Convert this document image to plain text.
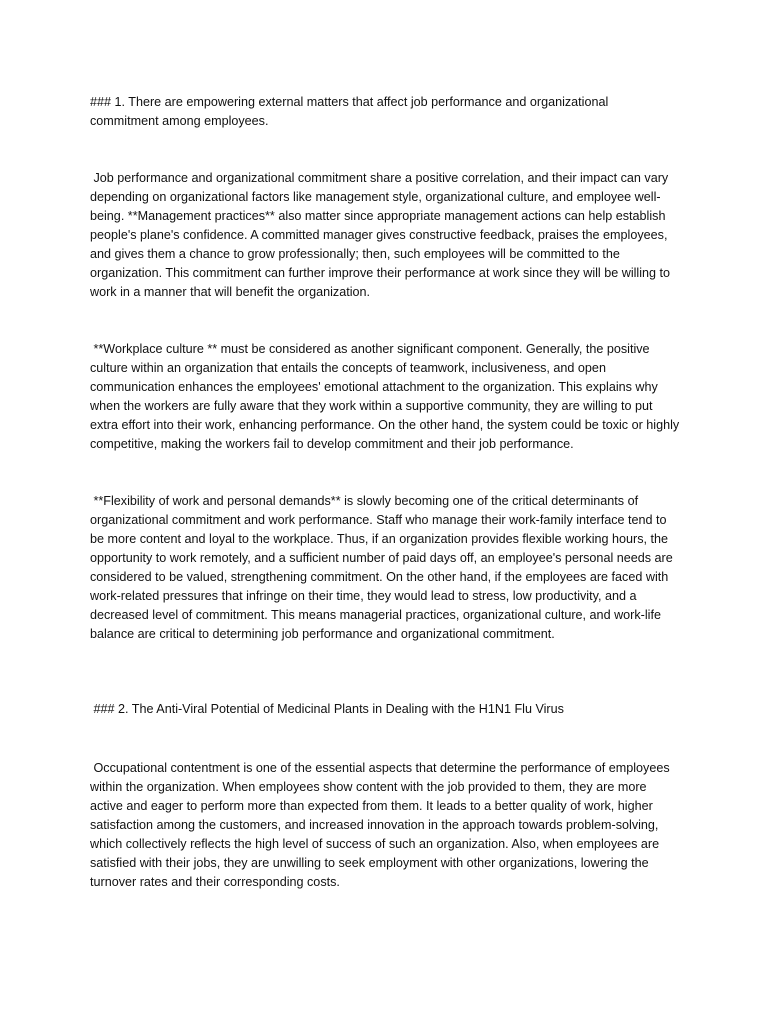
### 1. There are empowering external matters that affect job performance and organizational commitment among employees.

Job performance and organizational commitment share a positive correlation, and their impact can vary depending on organizational factors like management style, organizational culture, and employee well-being. **Management practices** also matter since appropriate management actions can help establish people's plane's confidence. A committed manager gives constructive feedback, praises the employees, and gives them a chance to grow professionally; then, such employees will be committed to the organization. This commitment can further improve their performance at work since they will be willing to work in a manner that will benefit the organization.

**Workplace culture ** must be considered as another significant component. Generally, the positive culture within an organization that entails the concepts of teamwork, inclusiveness, and open communication enhances the employees' emotional attachment to the organization. This explains why when the workers are fully aware that they work within a supportive community, they are willing to put extra effort into their work, enhancing performance. On the other hand, the system could be toxic or highly competitive, making the workers fail to develop commitment and their job performance.

**Flexibility of work and personal demands** is slowly becoming one of the critical determinants of organizational commitment and work performance. Staff who manage their work-family interface tend to be more content and loyal to the workplace. Thus, if an organization provides flexible working hours, the opportunity to work remotely, and a sufficient number of paid days off, an employee's personal needs are considered to be valued, strengthening commitment. On the other hand, if the employees are faced with work-related pressures that infringe on their time, they would lead to stress, low productivity, and a decreased level of commitment. This means managerial practices, organizational culture, and work-life balance are critical to determining job performance and organizational commitment.

### 2. The Anti-Viral Potential of Medicinal Plants in Dealing with the H1N1 Flu Virus

Occupational contentment is one of the essential aspects that determine the performance of employees within the organization. When employees show content with the job provided to them, they are more active and eager to perform more than expected from them. It leads to a better quality of work, higher satisfaction among the customers, and increased innovation in the approach towards problem-solving, which collectively reflects the high level of success of such an organization. Also, when employees are satisfied with their jobs, they are unwilling to seek employment with other organizations, lowering the turnover rates and their corresponding costs.
